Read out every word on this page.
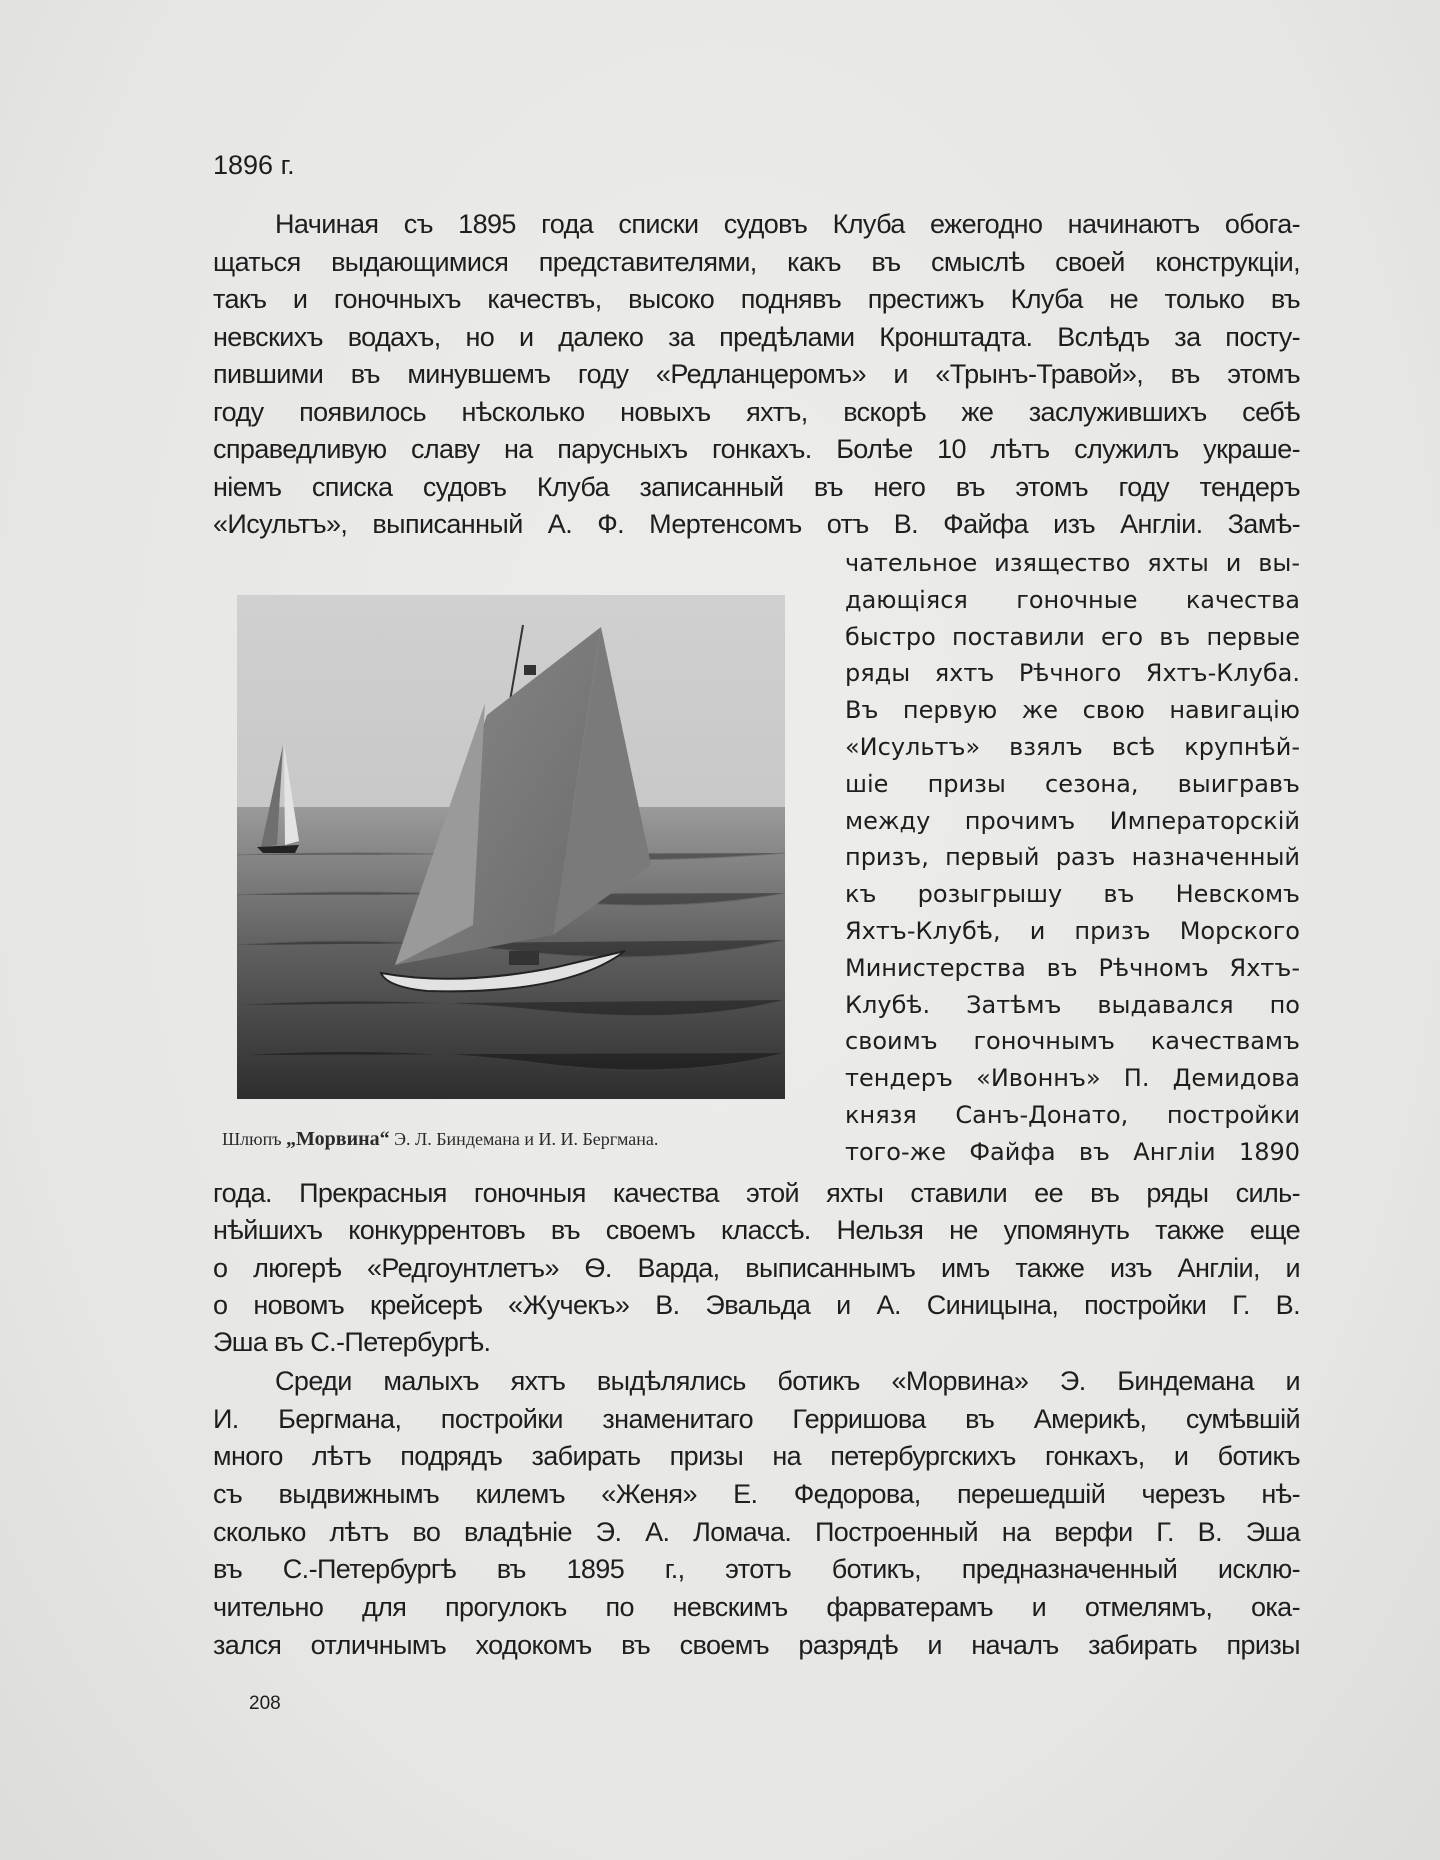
1896 г.
Начиная съ 1895 года списки судовъ Клуба ежегодно начинаютъ обога-
щаться выдающимися представителями, какъ въ смыслѣ своей конструкціи,
такъ и гоночныхъ качествъ, высоко поднявъ престижъ Клуба не только въ
невскихъ водахъ, но и далеко за предѣлами Кронштадта. Вслѣдъ за посту-
пившими въ минувшемъ году «Редланцеромъ» и «Трынъ-Травой», въ этомъ
году появилось нѣсколько новыхъ яхтъ, вскорѣ же заслужившихъ себѣ
справедливую славу на парусныхъ гонкахъ. Болѣе 10 лѣтъ служилъ украше-
ніемъ списка судовъ Клуба записанный въ него въ этомъ году тендеръ
«Исультъ», выписанный А. Ф. Мертенсомъ отъ В. Файфа изъ Англіи. Замѣ-
чательное изящество яхты и вы-
дающіяся гоночные качества
быстро поставили его въ первые
ряды яхтъ Рѣчного Яхтъ-Клуба.
Въ первую же свою навигацію
«Исультъ» взялъ всѣ крупнѣй-
шіе призы сезона, выигравъ
между прочимъ Императорскій
призъ, первый разъ назначенный
къ розыгрышу въ Невскомъ
Яхтъ-Клубѣ, и призъ Морского
Министерства въ Рѣчномъ Яхтъ-
Клубѣ. Затѣмъ выдавался по
своимъ гоночнымъ качествамъ
тендеръ «Ивоннъ» П. Демидова
князя Санъ-Донато, постройки
того-же Файфа въ Англіи 1890
года. Прекрасныя гоночныя качества этой яхты ставили ее въ ряды силь-
нѣйшихъ конкуррентовъ въ своемъ классѣ. Нельзя не упомянуть также еще
о люгерѣ «Редгоунтлетъ» Ѳ. Варда, выписаннымъ имъ также изъ Англіи, и
о новомъ крейсерѣ «Жучекъ» В. Эвальда и А. Синицына, постройки Г. В.
Эша въ С.-Петербургѣ.
Среди малыхъ яхтъ выдѣлялись ботикъ «Морвина» Э. Биндемана и
И. Бергмана, постройки знаменитаго Герришова въ Америкѣ, сумѣвшій
много лѣтъ подрядъ забирать призы на петербургскихъ гонкахъ, и ботикъ
съ выдвижнымъ килемъ «Женя» Е. Федорова, перешедшій черезъ нѣ-
сколько лѣтъ во владѣніе Э. А. Ломача. Построенный на верфи Г. В. Эша
въ С.-Петербургѣ въ 1895 г., этотъ ботикъ, предназначенный исклю-
чительно для прогулокъ по невскимъ фарватерамъ и отмелямъ, ока-
зался отличнымъ ходокомъ въ своемъ разрядѣ и началъ забирать призы
Шлюпъ „Морвина“ Э. Л. Биндемана и И. И. Бергмана.
208
